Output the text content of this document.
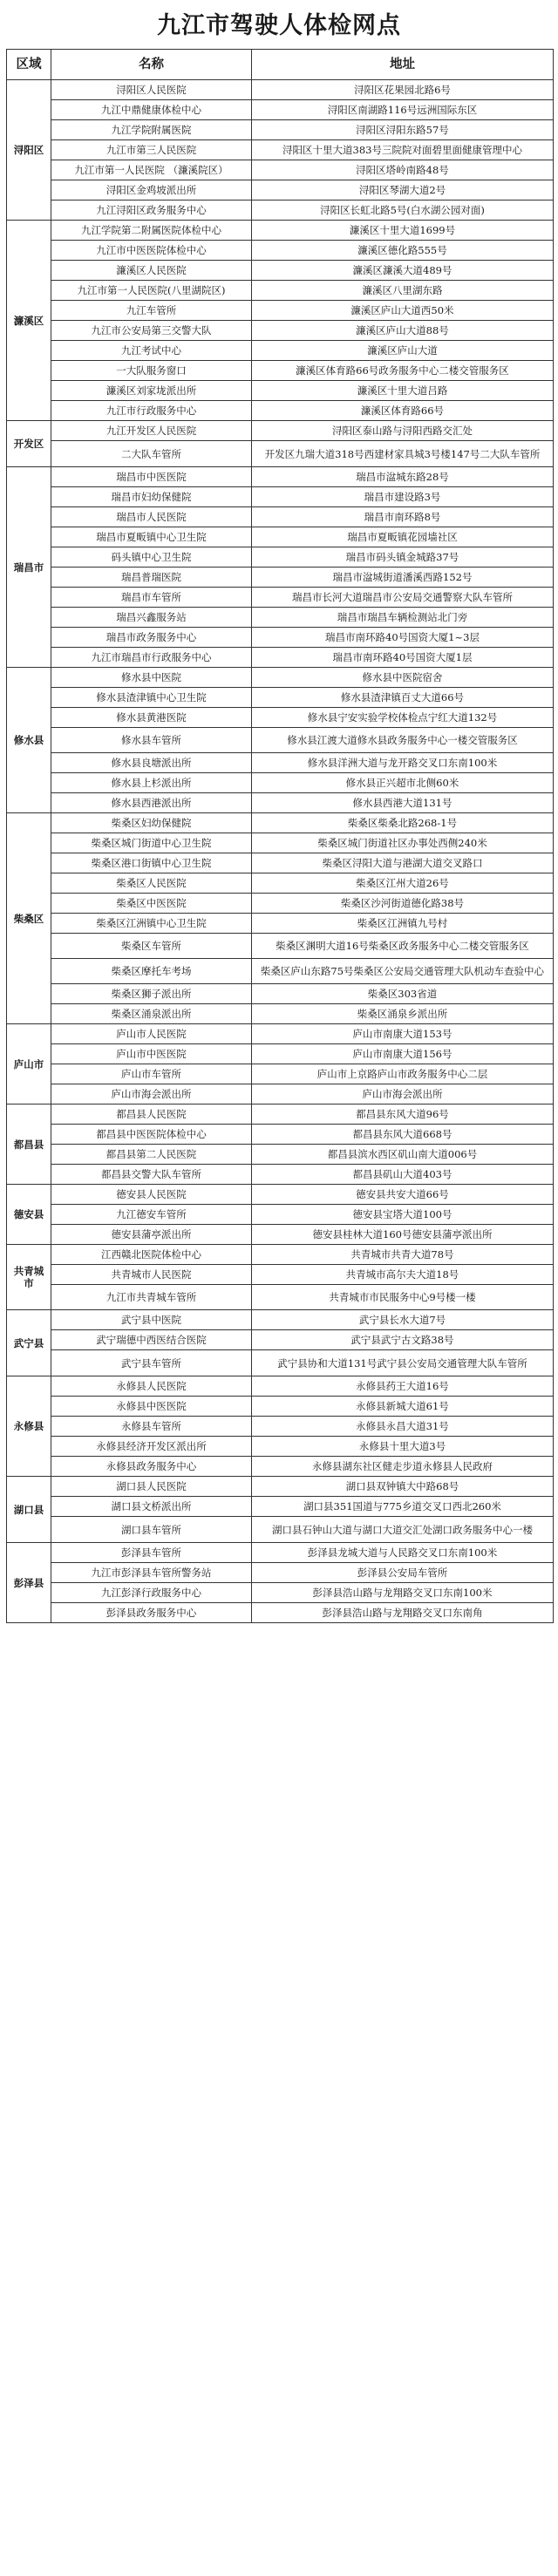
九江市驾驶人体检网点
区域	名称	地址
浔阳区	浔阳区人民医院	浔阳区花果园北路6号
	九江中鼎健康体检中心	浔阳区南湖路116号远洲国际东区
	九江学院附属医院	浔阳区浔阳东路57号
	九江市第三人民医院	浔阳区十里大道383号三院院对面碧里面健康管理中心
	九江市第一人民医院 （濂溪院区）	浔阳区塔岭南路48号
	浔阳区金鸡坡派出所	浔阳区琴湖大道2号
	九江浔阳区政务服务中心	浔阳区长虹北路5号(白水湖公园对面)
濂溪区	九江学院第二附属医院体检中心	濂溪区十里大道1699号
	九江市中医医院体检中心	濂溪区德化路555号
	濂溪区人民医院	濂溪区濂溪大道489号
	九江市第一人民医院(八里湖院区)	濂溪区八里湖东路
	九江车管所	濂溪区庐山大道西50米
	九江市公安局第三交警大队	濂溪区庐山大道88号
	九江考试中心	濂溪区庐山大道
	一大队服务窗口	濂溪区体育路66号政务服务中心二楼交管服务区
	濂溪区刘家垅派出所	濂溪区十里大道吕路
	九江市行政服务中心	濂溪区体育路66号
开发区	九江开发区人民医院	浔阳区泰山路与浔阳西路交汇处
	二大队车管所	开发区九瑞大道318号西建材家具城3号楼147号二大队车管所
瑞昌市	瑞昌市中医医院	瑞昌市湓城东路28号
	瑞昌市妇幼保健院	瑞昌市建设路3号
	瑞昌市人民医院	瑞昌市南环路8号
	瑞昌市夏畈镇中心卫生院	瑞昌市夏畈镇花园墙社区
	码头镇中心卫生院	瑞昌市码头镇金城路37号
	瑞昌普瑞医院	瑞昌市湓城街道潘溪西路152号
	瑞昌市车管所	瑞昌市长河大道瑞昌市公安局交通警察大队车管所
	瑞昌兴鑫服务站	瑞昌市瑞昌车辆检测站北门旁
	瑞昌市政务服务中心	瑞昌市南环路40号国资大厦1~3层
	九江市瑞昌市行政服务中心	瑞昌市南环路40号国资大厦1层
修水县	修水县中医院	修水县中医院宿舍
	修水县渣津镇中心卫生院	修水县渣津镇百丈大道66号
	修水县黄港医院	修水县宁安实验学校体检点宁红大道132号
	修水县车管所	修水县江渡大道修水县政务服务中心一楼交管服务区
	修水县良塘派出所	修水县洋洲大道与龙开路交叉口东南100米
	修水县上杉派出所	修水县正兴超市北侧60米
	修水县西港派出所	修水县西港大道131号
柴桑区	柴桑区妇幼保健院	柴桑区柴桑北路268-1号
	柴桑区城门街道中心卫生院	柴桑区城门街道社区办事处西侧240米
	柴桑区港口街镇中心卫生院	柴桑区浔阳大道与港湖大道交叉路口
	柴桑区人民医院	柴桑区江州大道26号
	柴桑区中医医院	柴桑区沙河街道德化路38号
	柴桑区江洲镇中心卫生院	柴桑区江洲镇九号村
	柴桑区车管所	柴桑区渊明大道16号柴桑区政务服务中心二楼交管服务区
	柴桑区摩托车考场	柴桑区庐山东路75号柴桑区公安局交通管理大队机动车查验中心
	柴桑区狮子派出所	柴桑区303省道
	柴桑区涌泉派出所	柴桑区涌泉乡派出所
庐山市	庐山市人民医院	庐山市南康大道153号
	庐山市中医医院	庐山市南康大道156号
	庐山市车管所	庐山市上京路庐山市政务服务中心二层
	庐山市海会派出所	庐山市海会派出所
都昌县	都昌县人民医院	都昌县东风大道96号
	都昌县中医医院体检中心	都昌县东风大道668号
	都昌县第二人民医院	都昌县滨水西区矶山南大道006号
	都昌县交警大队车管所	都昌县矶山大道403号
德安县	德安县人民医院	德安县共安大道66号
	九江德安车管所	德安县宝塔大道100号
	德安县蒲亭派出所	德安县桂林大道160号德安县蒲亭派出所
共青城市	江西赣北医院体检中心	共青城市共青大道78号
	共青城市人民医院	共青城市高尔夫大道18号
	九江市共青城车管所	共青城市市民服务中心9号楼一楼
武宁县	武宁县中医院	武宁县长水大道7号
	武宁瑞德中西医结合医院	武宁县武宁古文路38号
	武宁县车管所	武宁县协和大道131号武宁县公安局交通管理大队车管所
永修县	永修县人民医院	永修县药王大道16号
	永修县中医医院	永修县新城大道61号
	永修县车管所	永修县永昌大道31号
	永修县经济开发区派出所	永修县十里大道3号
	永修县政务服务中心	永修县湖东社区健走步道永修县人民政府
湖口县	湖口县人民医院	湖口县双钟镇大中路68号
	湖口县文桥派出所	湖口县351国道与775乡道交叉口西北260米
	湖口县车管所	湖口县石钟山大道与湖口大道交汇处湖口政务服务中心一楼
彭泽县	彭泽县车管所	彭泽县龙城大道与人民路交叉口东南100米
	九江市彭泽县车管所警务站	彭泽县公安局车管所
	九江彭泽行政服务中心	彭泽县浩山路与龙翔路交叉口东南100米
	彭泽县政务服务中心	彭泽县浩山路与龙翔路交叉口东南角
